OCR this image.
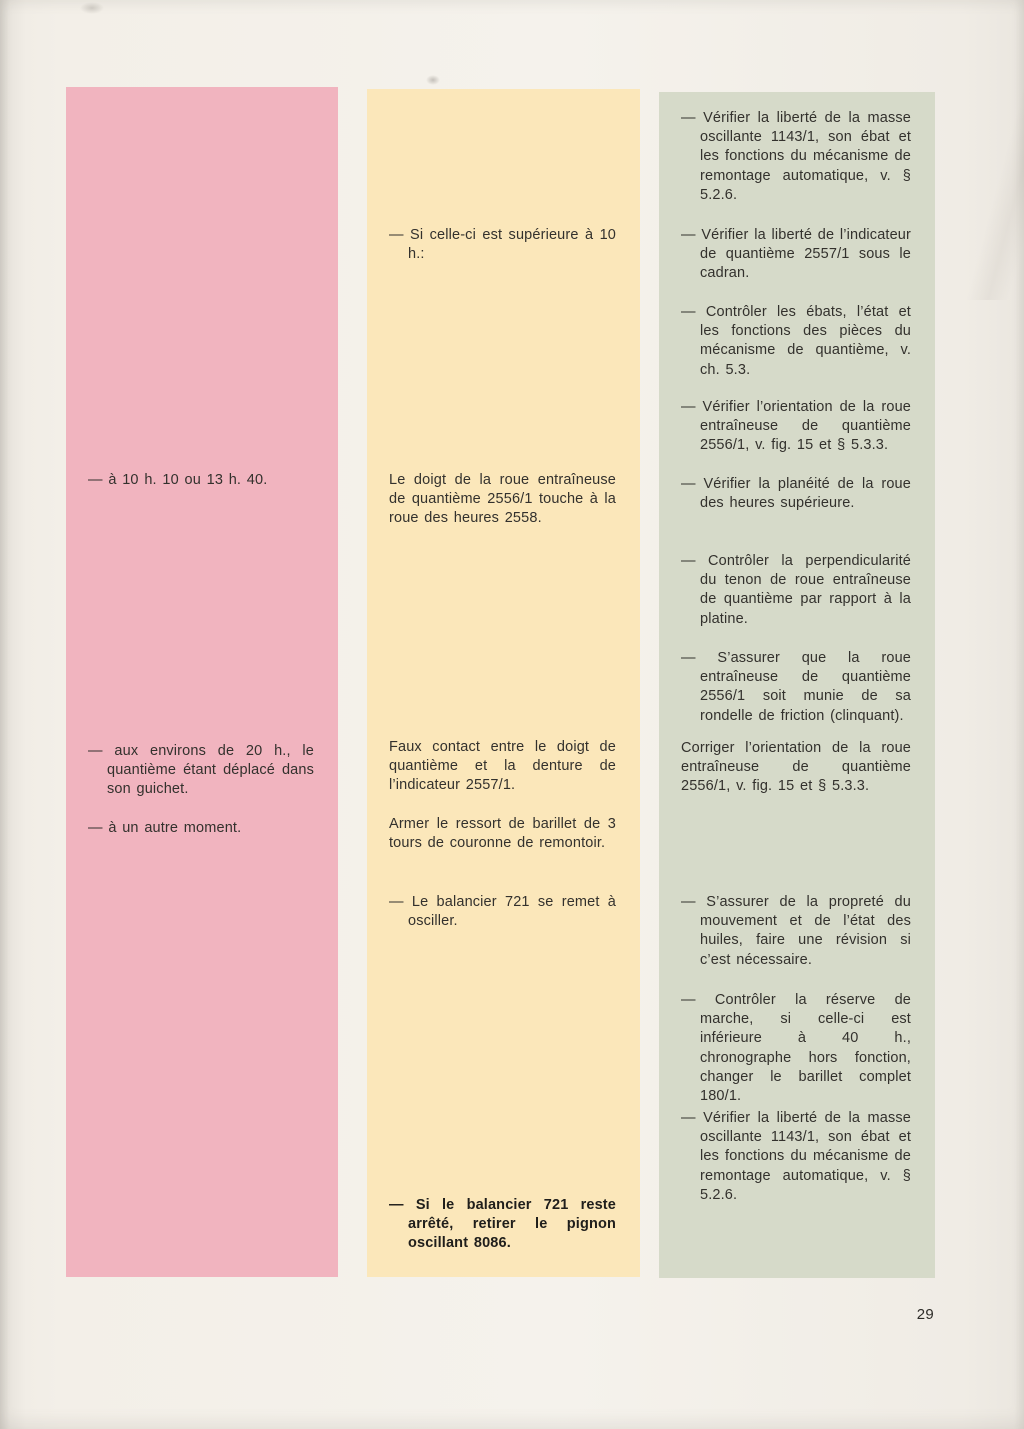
— à 10 h. 10 ou 13 h. 40.

— aux environs de 20 h., le quantième étant déplacé dans son guichet.

— à un autre moment.

— Si celle-ci est supérieure à 10 h.:

Le doigt de la roue entraîneuse de quantième 2556/1 touche à la roue des heures 2558.

Faux contact entre le doigt de quantième et la denture de l’indicateur 2557/1.

Armer le ressort de barillet de 3 tours de couronne de remontoir.

— Le balancier 721 se remet à osciller.

— Si le balancier 721 reste arrêté, retirer le pignon oscillant 8086.

— Vérifier la liberté de la masse oscillante 1143/1, son ébat et les fonctions du mécanisme de remontage automatique, v. § 5.2.6.

— Vérifier la liberté de l’indicateur de quantième 2557/1 sous le cadran.

— Contrôler les ébats, l’état et les fonctions des pièces du mécanisme de quantième, v. ch. 5.3.

— Vérifier l’orientation de la roue entraîneuse de quantième 2556/1, v. fig. 15 et § 5.3.3.

— Vérifier la planéité de la roue des heures supérieure.

— Contrôler la perpendicularité du tenon de roue entraîneuse de quantième par rapport à la platine.

— S’assurer que la roue entraîneuse de quantième 2556/1 soit munie de sa rondelle de friction (clinquant).

Corriger l’orientation de la roue entraîneuse de quantième 2556/1, v. fig. 15 et § 5.3.3.

— S’assurer de la propreté du mouvement et de l’état des huiles, faire une révision si c’est nécessaire.

— Contrôler la réserve de marche, si celle-ci est inférieure à 40 h., chronographe hors fonction, changer le barillet complet 180/1.

— Vérifier la liberté de la masse oscillante 1143/1, son ébat et les fonctions du mécanisme de remontage automatique, v. § 5.2.6.

29
